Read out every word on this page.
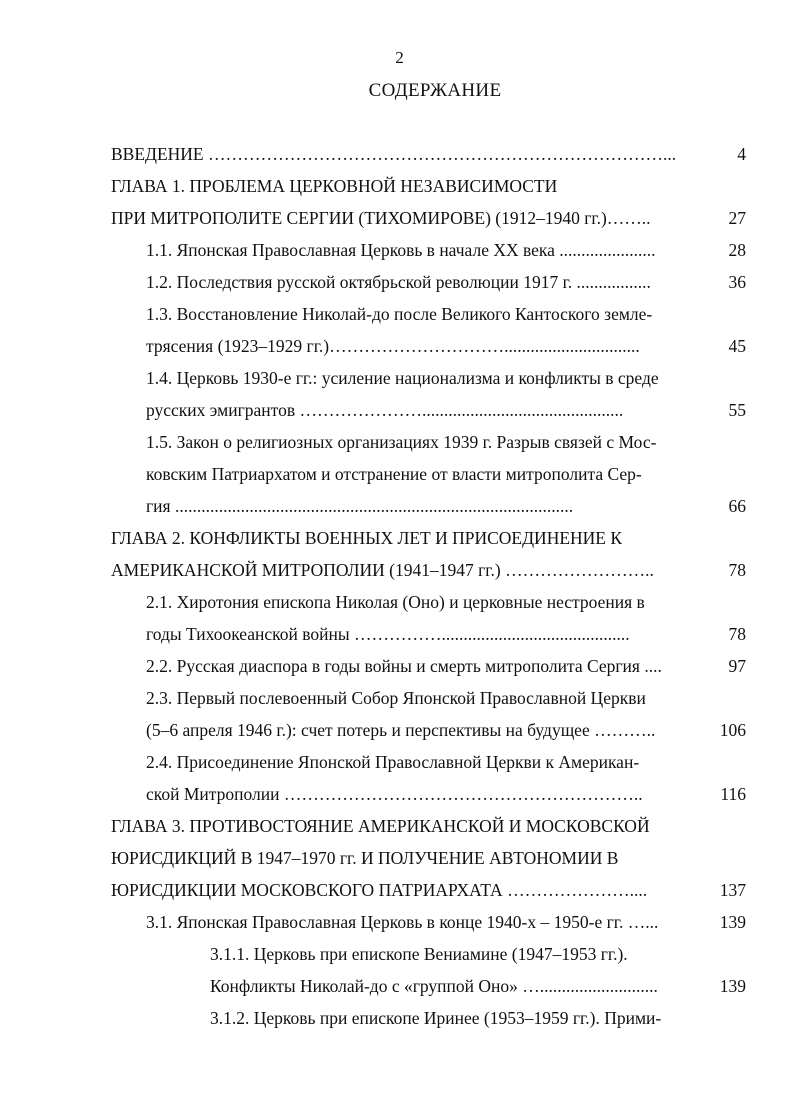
2
СОДЕРЖАНИЕ
ВВЕДЕНИЕ ……………………………………………………………………...	4
ГЛАВА 1. ПРОБЛЕМА ЦЕРКОВНОЙ НЕЗАВИСИМОСТИ
ПРИ МИТРОПОЛИТЕ СЕРГИИ (ТИХОМИРОВЕ) (1912–1940 гг.)……..	27
1.1. Японская Православная Церковь в начале ХХ века ......................	28
1.2. Последствия русской октябрьской революции 1917 г. .................	36
1.3. Восстановление Николай-до после Великого Кантоского земле-
трясения (1923–1929 гг.)…………………………...............................	45
1.4. Церковь 1930-е гг.: усиление национализма и конфликты в среде
русских эмигрантов …………………..............................................	55
1.5. Закон о религиозных организациях 1939 г. Разрыв связей с Мос-
ковским Патриархатом и отстранение от власти митрополита Сер-
гия ...........................................................................................	66
ГЛАВА 2. КОНФЛИКТЫ ВОЕННЫХ ЛЕТ И ПРИСОЕДИНЕНИЕ К
АМЕРИКАНСКОЙ МИТРОПОЛИИ (1941–1947 гг.) ……………………..	78
2.1. Хиротония епископа Николая (Оно) и церковные нестроения в
годы Тихоокеанской войны ……………...........................................	78
2.2. Русская диаспора в годы войны и смерть митрополита Сергия ....	97
2.3. Первый послевоенный Собор Японской Православной Церкви
(5–6 апреля 1946 г.): счет потерь и перспективы на будущее ………..	106
2.4. Присоединение Японской Православной Церкви к Американ-
ской Митрополии ……………………………………………………..	116
ГЛАВА 3. ПРОТИВОСТОЯНИЕ АМЕРИКАНСКОЙ И МОСКОВСКОЙ
ЮРИСДИКЦИЙ В 1947–1970 гг. И ПОЛУЧЕНИЕ АВТОНОМИИ В
ЮРИСДИКЦИИ МОСКОВСКОГО ПАТРИАРХАТА …………………....	137
3.1. Японская Православная Церковь в конце 1940-х – 1950-е гг. …...	139
3.1.1. Церковь при епископе Вениамине (1947–1953 гг.).
Конфликты Николай-до с «группой Оно» …...........................	139
3.1.2. Церковь при епископе Иринее (1953–1959 гг.). Прими-
